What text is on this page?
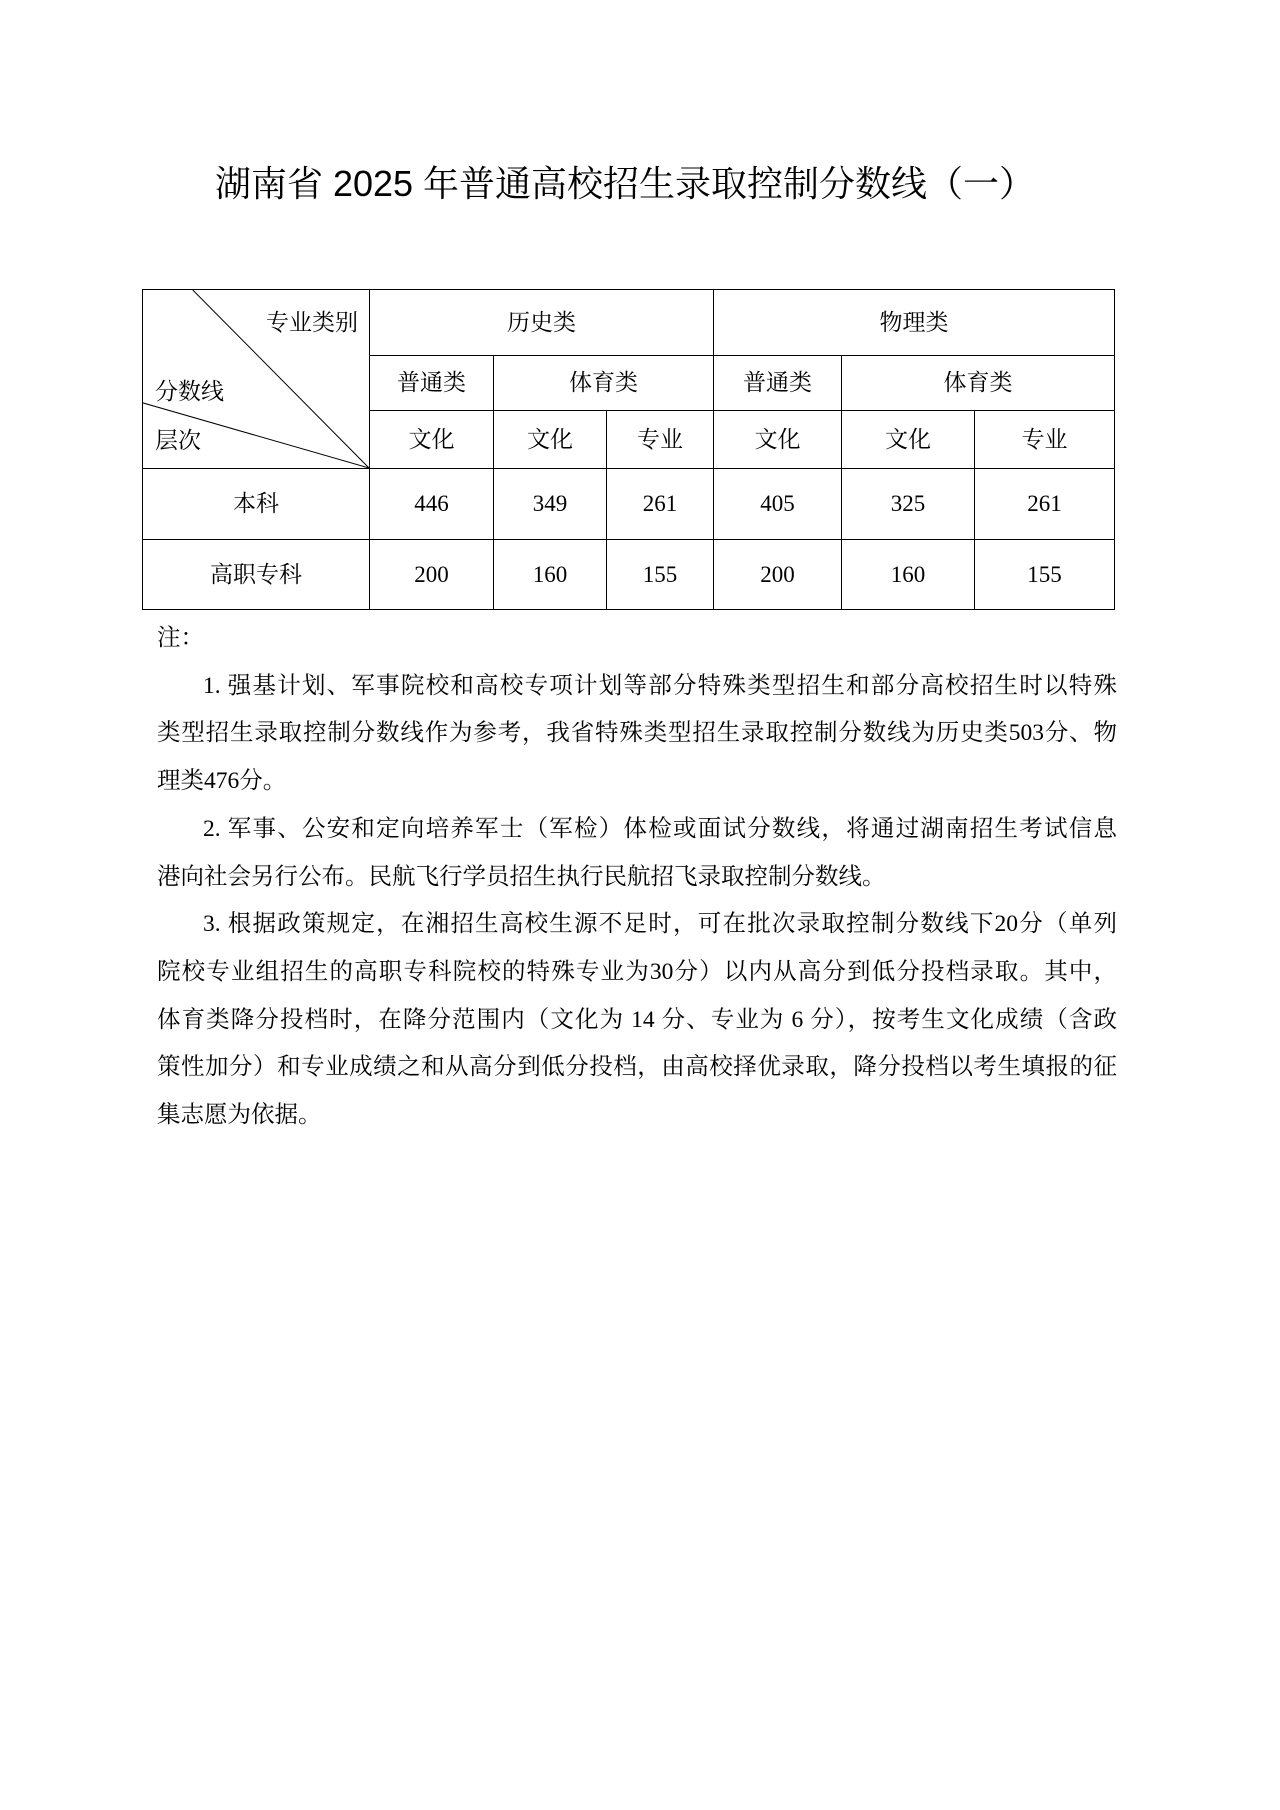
湖南省 2025 年普通高校招生录取控制分数线（一）
专业类别
分数线
层次	历史类			物理类		
	普通类	体育类		普通类	体育类	
	文化	文化	专业	文化	文化	专业
本科	446	349	261	405	325	261
高职专科	200	160	155	200	160	155
注：
1. 强基计划、军事院校和高校专项计划等部分特殊类型招生和部分高校招生时以特殊
类型招生录取控制分数线作为参考，我省特殊类型招生录取控制分数线为历史类503分、物
理类476分。
2. 军事、公安和定向培养军士（军检）体检或面试分数线，将通过湖南招生考试信息
港向社会另行公布。民航飞行学员招生执行民航招飞录取控制分数线。
3. 根据政策规定，在湘招生高校生源不足时，可在批次录取控制分数线下20分（单列
院校专业组招生的高职专科院校的特殊专业为30分）以内从高分到低分投档录取。其中，
体育类降分投档时，在降分范围内（文化为 14 分、专业为 6 分），按考生文化成绩（含政
策性加分）和专业成绩之和从高分到低分投档，由高校择优录取，降分投档以考生填报的征
集志愿为依据。
